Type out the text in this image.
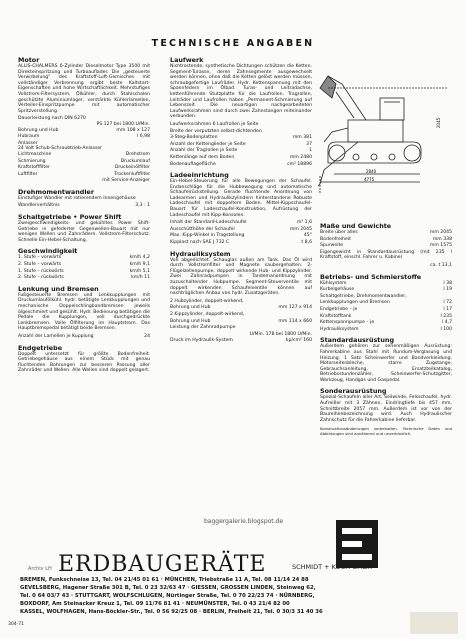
TECHNISCHE ANGABEN
Motor
ALLIS-CHALMERS 6-Zylinder Dieselmotor Type 3500 mit Direkteinspritzung und Turboauflader. Die „gesteuerte Verwirbelung“ des Kraftstoff-Luft-Gemisches mit vollständiger Verbrennung ergibt beste Kaltstart-Eigenschaften und hohe Wirtschaftlichkeit. Mehrstufiges Vollstrom-Filtersystem, Ölkühler, durch Stahlschalen geschützte Aluminiumlager, verstärkte Kühlerlamellen, Verteiler-Einspritzpumpe mit automatischer Spritzverstellung.
Dauerleistung nach DIN 6270
PS 127 bei 1800 U/Min.
Bohrung und Hub	mm 108 x 127
Hubraum	l 6,98
Anlasser
24 Volt Schub-Schraubtrieb-Anlasser
Lichtmaschine	Drehstrom
Schmierung	Druckumlauf
Kraftstofffilter	Druckeinölfilter
Luftfilter	Trockenluftfilter
mit Service-Anzeiger
Drehmomentwandler
Einstufiger Wandler mit rotierendem Innengehäuse
Wandlerverhältnis	3,3 : 1
Schaltgetriebe • Power Shift
Zweigeschwindigkeits- und gekühltes Power Shift-Getriebe in gefederter Gegenwellen-Bauart mit nur wenigen Wellen und Zahnrädern. Vollstrom-Filterschutz. Schnelle Ein-Hebel-Schaltung.
Geschwindigkeit
1. Stufe – vorwärts	km/h 4,2
2. Stufe – vorwärts	km/h 9,1
1. Stufe – rückwärts	km/h 5,1
2. Stufe – rückwärts	km/h 11
Lenkung und Bremsen
Fußgesteuerte Bremsen und Lenkkupplungen mit Druckumlaufölkühl. hydr. betätigte Lenkkupplungen und mechanische Doppelschlingbandbremsen jeweils ölgeschmiert und gekühlt. Hydr. Bedienung betätigen die Pedale die Kupplungen, voll durchgedrückte Lenkbremsen. Volle Ölfilterung im Hauptstrom. Das Hauptbremspedal betätigt beide Bremsen.
Anzahl der Lamellen je Kupplung	24
Endgetriebe
Doppelt untersetzt für größte Bodenfreiheit. Getriebegehäuse aus einem Stück mit genau fluchtenden Bohrungen zur besseren Passung aller Zahnräder und Wellen. Alle Wellen sind doppelt gelagert.
Laufwerk
Nichtrostende, synthetische Dichtungen schützen die Ketten. Segment-Turasse, deren Zahnsegmente ausgewechselt werden können, ohne daß die Ketten gelöst werden müssen, schraubgefertige Laufräder. Hydr. Kettenspannung mit den Spannfedern im Ölbad. Turas- und Leitradachse, kettenführende Stutzplatte für die Laufrollen. Tragrollen, Leiträder und Laufrollen haben „Permanent-Schmierung auf Lebenszeit. Die neuartigen nachgearbeiteten Laufwerksrahmen sind durch zwei Zahnstangen miteinander verbunden.
Laufwerksrahmen 6 Laufrollen je Seite
Breite der verputzten selbst-dichtenden
3-Steg-Bodenplatten	mm 381
Anzahl der Kettenglieder je Seite	37
Anzahl der Tragrollen je Seite	1
Kettenlänge auf dem Boden	mm 2480
Bodenauflagefläche	cm² 18896
Ladeeinrichtung
Ein-Hebel-Steuerung für alle Bewegungen der Schaufel. Endanschläge für die Hubbewegung und automatische Schaufelrückstellung. Gerade fluchtende Anordnung von Ladearmen und Hydraulikzylindern hinterstandene Robuste Ladeschaufel mit doppeltem Boden. Mittel-Kippschaufel-Bauart für Ladeschaufel-Konstruktion, Aufrüstung der Ladeschaufel mit Kipp-Konsolen.
Inhalt der Standard-Ladeschaufel	m³ 1,6
Ausschütthöhe der Schaufel	mm 2045
Max. Kipp-Winkel in Tragstellung	45°
Kipplast nach SAE J 732 C	t 8,6
Hydrauliksystem
Voll abgedichtet. Schauglas außen am Tank. Das Öl wird durch Vollstromfilter und Magnete saubergehalten. 2-Flügelzellenpumpe, doppelt wirkende Hub- und Kippzylinder. Zwei Zahnradpumpen in Tandemanordnung mit zuzuschaltender Hubpumpe. Segment-Steuerventile mit doppelt wirkenden Schaufelventile können auf nachträglichen Anbau von hydr. Zusatzgeräten.
2 Hubzylinder, doppelt-wirkend,
Bohrung und Hub	mm 127 x 914
2 Kippzylinder, doppelt-wirkend,
Bohrung und Hub	mm 114 x 660
Leistung der Zahnradpumpe
U/Min. 178 bei 1800 U/Min.
Druck im Hydraulik-System	kp/cm² 160
2840
4775
2045
Maße und Gewichte
Breite über alles	mm 2045
Bodenfreiheit	mm 338
Spurweite	mm 1575
Eigengewicht in Standardausrüstung (mit 235 l Kraftstoff, einschl. Fahrer u. Kabine)
ca. t 13,1
Betriebs- und Schmierstoffe
Kühlsystem	l 38
Kurbelgehäuse	l 19
Schaltgetriebe, Drehmomentwandler,
Lenkkupplungen und Bremsen	l 72
Endgetriebe – je	l 17
Kraftstofftank	l 235
Kettenspannpumpe – je	l 4,7
Hydrauliksystem	l 100
Standardausrüstung
Außerdem gehören zur serienmäßigen Ausrüstung: Fahrerkabine aus Stahl mit Rundum-Verglasung und Heizung. 1 Satz Scheinwerfer und Bandverkleidung. Motorseitenbleche, starre Zugstange, Gebrauchsanleitung, Ersatzteilkatalog, Betriebsstundenzähler, Scheinwerfer-Schutzgitter, Werkzeug, Handgas und Gaspedal.
Sonderausrüstung
Spezial-Schaufeln aller Art, Seilwinde, Felsschaufel, hydr. Aufreißer mit 3 Zähnen, Eindringtiefe bis 457 mm, Schnittbreite 2057 mm. Außerdem ist vor von der Baureihenbezeichnung wird. Auch Hydraulischer Zahnschutz für die Fahrerkabine lieferbar.
Konstruktionsänderungen vorbehalten. Technische Daten und Abbildungen sind annähernd und unverbindlich.
baggergalerie.blogspot.de
ERDBAUGERÄTE	SCHMIDT + KOCH GMBH
Archiv LH
BREMEN, Funkschneise 13, Tel. 04 21/45 01 61 · MÜNCHEN, Triebstraße 11 A, Tel. 08 11/14 24 88
GEVELSBERG, Hagener Straße 301 B, Tel. 0 23 32/63 47 · GIESSEN, GROSSEN LINDEN, Steinweg 62,
Tel. 0 64 03/7 43 · STUTTGART, WOLFSCHLUGEN, Nürtinger Straße, Tel. 0 70 22/23 74 · NÜRNBERG,
BOXDORF, Am Steinacker Kreuz 1, Tel. 09 11/76 81 41 · NEUMÜNSTER, Tel. 0 43 21/4 82 00
KASSEL, WOLFHAGEN, Hans-Böckler-Str., Tel. 0 56 92/25 08 · BERLIN, Freiheit 21, Tel. 0 30/3 31 40 36
304-71
